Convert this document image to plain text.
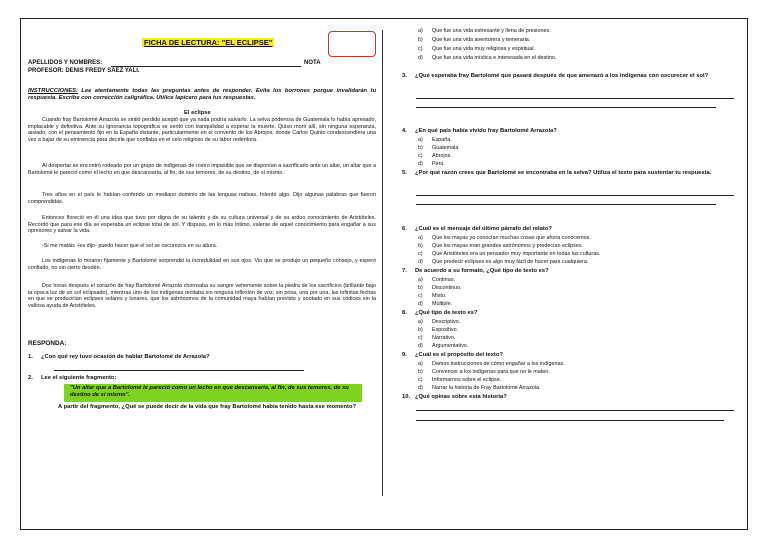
FICHA DE LECTURA: "EL ECLIPSE"
APELLIDOS Y NOMBRES:	NOTA
PROFESOR: DENIS FREDY SAEZ YALI.
INSTRUCCIONES: Lee atentamente todas las preguntas antes de responder. Evita los borrones porque invalidarán tu respuesta. Escribe con corrección caligráfica. Utilice lapicero para tus respuestas.
El eclipse
Cuando fray Bartolomé Arrazola se sintió perdido aceptó que ya nada podría salvarlo. La selva poderosa de Guatemala lo había apresado, implacable y definitiva. Ante su ignorancia topográfica se sentó con tranquilidad a esperar la muerte. Quiso morir allí, sin ninguna esperanza, aislado, con el pensamiento fijo en la España distante, particularmente en el convento de los Abrojos, donde Carlos Quinto condescendiera una vez a bajar de su eminencia para decirle que confiaba en el celo religioso de su labor redentora.
Al despertar se encontró rodeado por un grupo de indígenas de rostro impasible que se disponían a sacrificarlo ante un altar, un altar que a Bartolomé le pareció como el lecho en que descansaría, al fin, de sus temores, de su destino, de sí mismo.
Tres años en el país le habían conferido un mediano dominio de las lenguas nativas. Intentó algo. Dijo algunas palabras que fueron comprendidas.
Entonces floreció en él una idea que tuvo por digna de su talento y de su cultura universal y de su arduo conocimiento de Aristóteles. Recordó que para ese día se esperaba un eclipse total de sol. Y dispuso, en lo más íntimo, valerse de aquel conocimiento para engañar a sus opresores y salvar la vida.
-Si me matáis -les dijo- puedo hacer que el sol se oscurezca en su altura.
Los indígenas lo miraron fijamente y Bartolomé sorprendió la incredulidad en sus ojos. Vio que se produjo un pequeño consejo, y esperó confiado, no sin cierto desdén.
Dos horas después el corazón de fray Bartolomé Arrazola chorreaba su sangre vehemente sobre la piedra de los sacrificios (brillante bajo la opaca luz de un sol eclipsado), mientras uno de los indígenas recitaba sin ninguna inflexión de voz, sin prisa, una por una, las infinitas fechas en que se producirían eclipses solares y lunares, que los astrónomos de la comunidad maya habían previsto y anotado en sus códices sin la valiosa ayuda de Aristóteles.
RESPONDA:
1. ¿Con qué rey tuvo ocasión de hablar Bartolomé de Arrazola?
2. Lee el siguiente fragmento:
"Un altar que a Bartolomé le pareció como un lecho en que descansaría, al fin, de sus temores, de su destino de sí mismo".
A partir del fragmento, ¿Qué se puede decir de la vida que fray Bartolomé había tenido hasta ese momento?
a) Que fue una vida estresante y llena de presiones.
b) Que fue una vida aventurera y temeraria.
c) Que fue una vida muy religiosa y espiritual.
d) Que fue una vida mística e interesada en el destino.
3. ¿Qué esperaba fray Bartolomé que pasará después de que amenazó a los indígenas con oscurecer el sol?
4. ¿En qué país había vivido fray Bartolomé Arrazola?
a) España.
b) Guatemala
c) Abrojos.
d) Perú.
5. ¿Por qué razón crees que Bartolomé se encontraba en la selva? Utiliza el texto para sustentar tu respuesta.
6. ¿Cuál es el mensaje del último párrafo del relato?
a) Que los mayas ya conocían muchas cosas que ahora conocemos.
b) Que los mayas eran grandes astrónomos y predecían eclipses.
c) Que Aristóteles era un pensador muy importante en todas las culturas.
d) Que predecir eclipses es algo muy fácil de hacer para cualquiera.
7. De acuerdo a su formato, ¿Qué tipo de texto es?
a) Continuo.
b) Discontinuo.
c) Mixto.
d) Múltiple.
8. ¿Qué tipo de texto es?
a) Descriptivo.
b) Expositivo.
c) Narrativo.
d) Argumentativo.
9. ¿Cuál es el propósito del texto?
a) Damos instrucciones de cómo engañar a los indígenas.
b) Convencer a los indígenas para que no le maten.
c) Informarnos sobre el eclipse.
d) Narrar la historia de Fray Bartolomé Arrazola.
10. ¿Qué opinas sobre esta historia?
